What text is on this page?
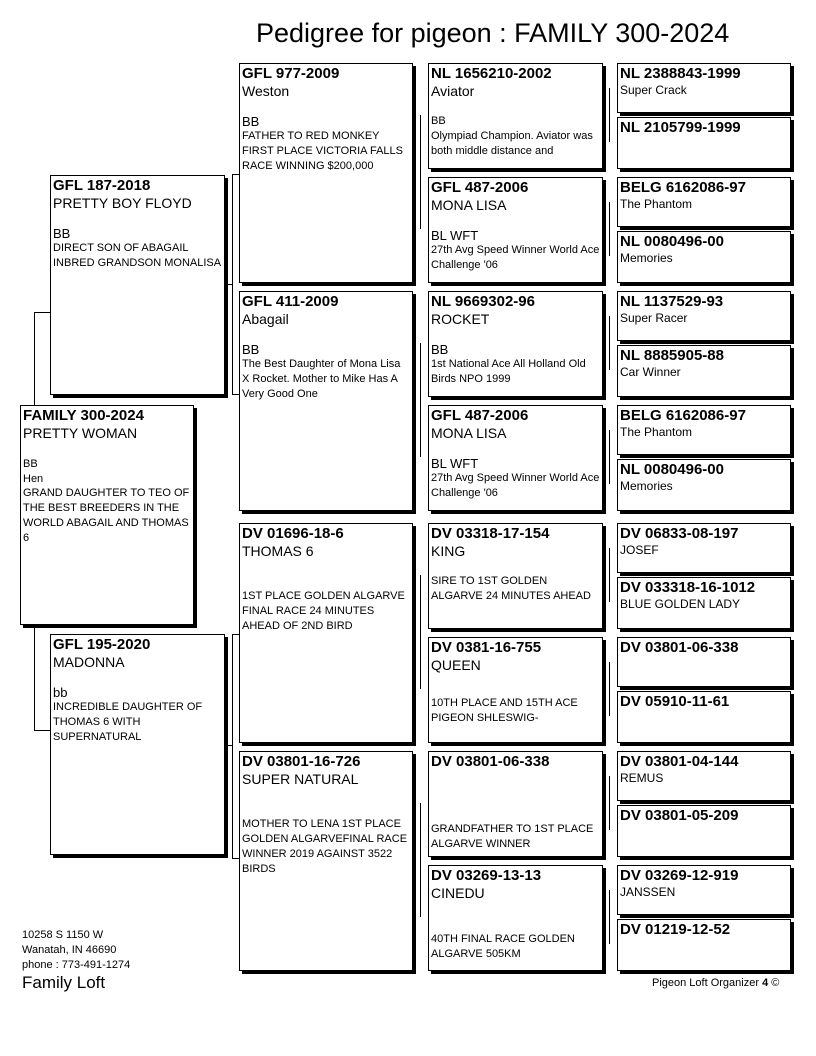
Pedigree for pigeon : FAMILY 300-2024
FAMILY 300-2024
PRETTY WOMAN
BB
Hen
GRAND DAUGHTER TO TEO OF THE BEST BREEDERS IN THE WORLD ABAGAIL AND THOMAS 6
GFL 187-2018
PRETTY BOY FLOYD
BB
DIRECT SON OF ABAGAIL INBRED GRANDSON MONALISA
GFL 195-2020
MADONNA
bb
INCREDIBLE DAUGHTER OF THOMAS 6 WITH SUPERNATURAL
GFL 977-2009
Weston
BB
FATHER TO RED MONKEY FIRST PLACE VICTORIA FALLS RACE WINNING $200,000
GFL 411-2009
Abagail
BB
The Best Daughter of Mona Lisa X Rocket. Mother to Mike Has A Very Good One
DV 01696-18-6
THOMAS 6
1ST PLACE GOLDEN ALGARVE FINAL RACE 24 MINUTES AHEAD OF 2ND BIRD
DV 03801-16-726
SUPER NATURAL
MOTHER TO LENA 1ST PLACE GOLDEN ALGARVEFINAL RACE WINNER 2019 AGAINST 3522 BIRDS
NL 1656210-2002
Aviator
BB
Olympiad Champion. Aviator was both middle distance and
GFL 487-2006
MONA LISA
BL WFT
27th Avg Speed Winner World Ace Challenge '06
NL 9669302-96
ROCKET
BB
1st National Ace All Holland Old Birds NPO 1999
GFL 487-2006
MONA LISA
BL WFT
27th Avg Speed Winner World Ace Challenge '06
DV 03318-17-154
KING
SIRE TO 1ST GOLDEN ALGARVE 24 MINUTES AHEAD
DV 0381-16-755
QUEEN
10TH PLACE AND 15TH ACE PIGEON SHLESWIG-
DV 03801-06-338
GRANDFATHER TO 1ST PLACE ALGARVE WINNER
DV 03269-13-13
CINEDU
40TH FINAL RACE GOLDEN ALGARVE 505KM
NL 2388843-1999
Super Crack
NL 2105799-1999
BELG 6162086-97
The Phantom
NL 0080496-00
Memories
NL 1137529-93
Super Racer
NL 8885905-88
Car Winner
BELG 6162086-97
The Phantom
NL 0080496-00
Memories
DV 06833-08-197
JOSEF
DV 033318-16-1012
BLUE GOLDEN LADY
DV 03801-06-338
DV 05910-11-61
DV 03801-04-144
REMUS
DV 03801-05-209
DV 03269-12-919
JANSSEN
DV 01219-12-52
10258 S 1150 W
Wanatah, IN 46690
phone : 773-491-1274
Family Loft	Pigeon Loft Organizer 4 ©
